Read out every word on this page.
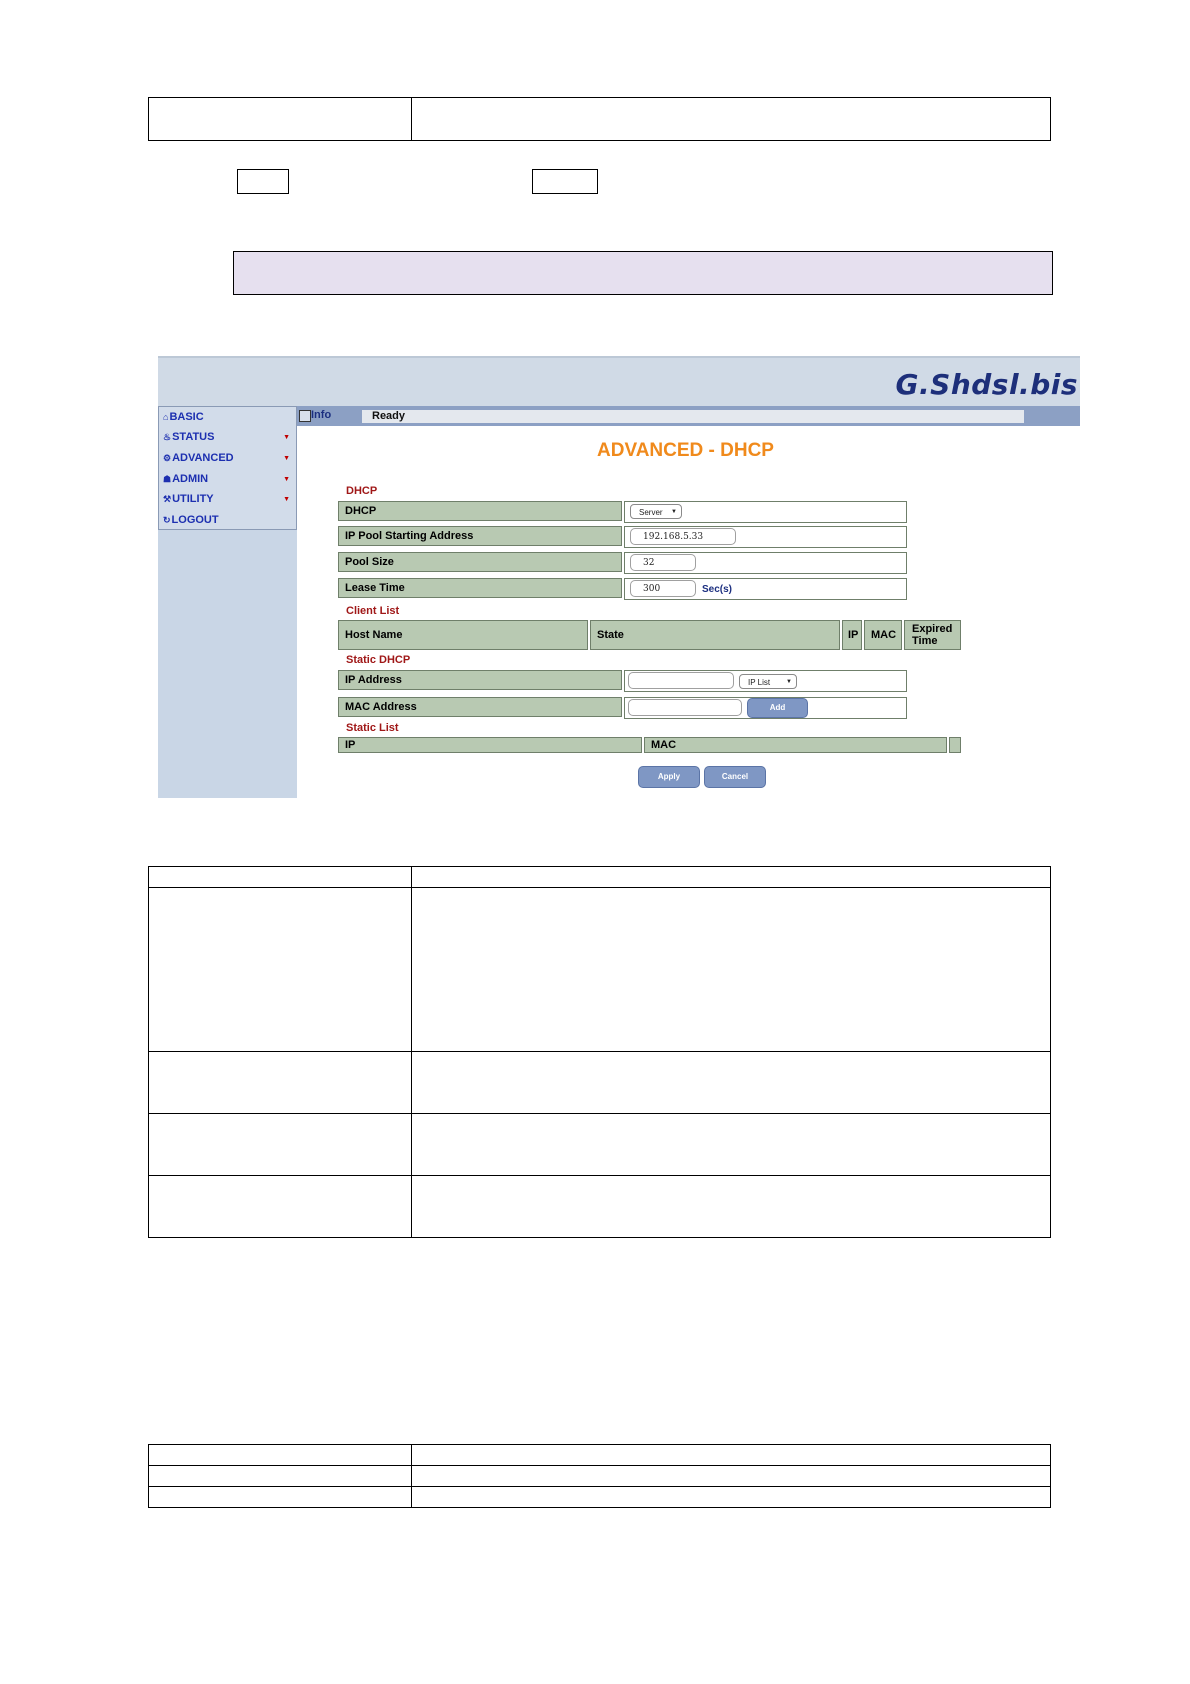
G.Shdsl.bis
⌂BASIC
♨STATUS	▼
⚙ADVANCED	▼
☗ADMIN	▼
⚒UTILITY	▼
↻LOGOUT
Info	Ready
ADVANCED - DHCP
DHCP
DHCP	Server ▼
IP Pool Starting Address	192.168.5.33
Pool Size	32
Lease Time	300	Sec(s)
Client List
Host Name	State	IP	MAC	Expired Time
Static DHCP
IP Address	IP List	▼
MAC Address	Add
Static List
IP	MAC
Apply	Cancel
